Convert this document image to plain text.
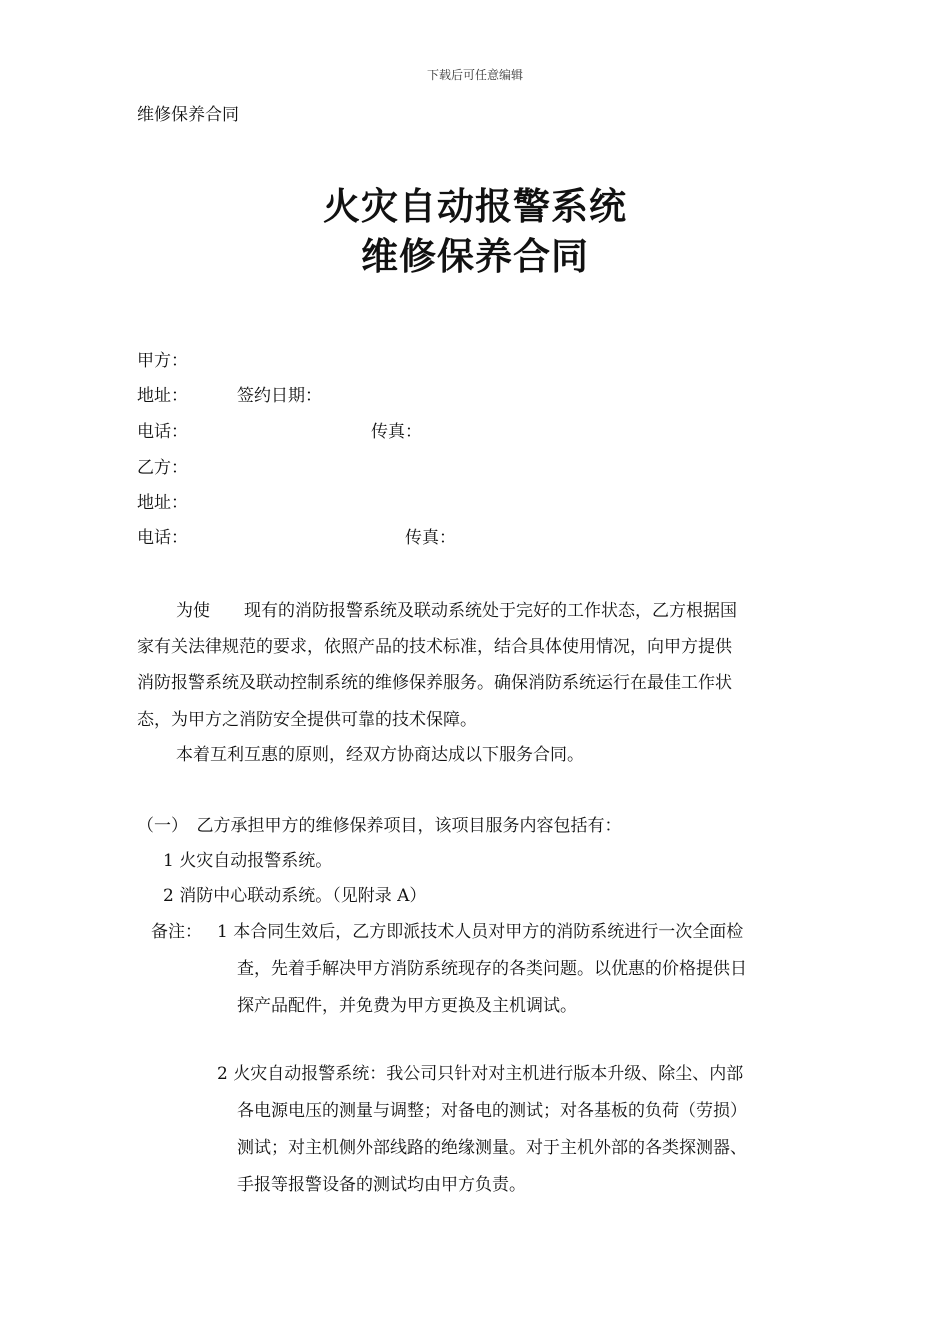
下载后可任意编辑
维修保养合同
火灾自动报警系统
维修保养合同
甲方：
地址：	签约日期：
电话：	传真：
乙方：
地址：
电话：	传真：
为使　　现有的消防报警系统及联动系统处于完好的工作状态，乙方根据国
家有关法律规范的要求，依照产品的技术标准，结合具体使用情况，向甲方提供
消防报警系统及联动控制系统的维修保养服务。确保消防系统运行在最佳工作状
态，为甲方之消防安全提供可靠的技术保障。
本着互利互惠的原则，经双方协商达成以下服务合同。
（一）　乙方承担甲方的维修保养项目，该项目服务内容包括有：
1 火灾自动报警系统。
2 消防中心联动系统。（见附录 A）
备注： 1 本合同生效后，乙方即派技术人员对甲方的消防系统进行一次全面检
查，先着手解决甲方消防系统现存的各类问题。以优惠的价格提供日
探产品配件，并免费为甲方更换及主机调试。
2 火灾自动报警系统：我公司只针对对主机进行版本升级、除尘、内部
各电源电压的测量与调整；对备电的测试；对各基板的负荷（劳损）
测试；对主机侧外部线路的绝缘测量。对于主机外部的各类探测器、
手报等报警设备的测试均由甲方负责。
